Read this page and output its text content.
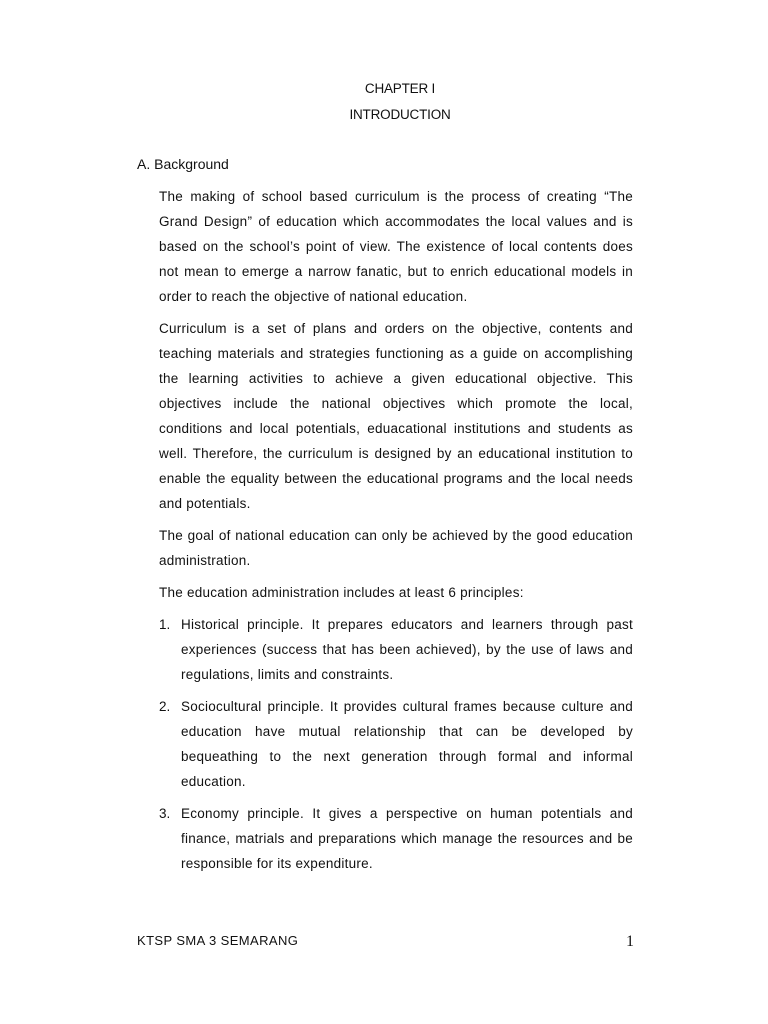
CHAPTER I
INTRODUCTION
A. Background

The making of school based curriculum is the process of creating “The Grand Design” of education which accommodates the local values and is based on the school’s point of view. The existence of local contents does not mean to emerge a narrow fanatic, but to enrich educational models in order to reach the objective of national education.

Curriculum is a set of plans and orders on the objective, contents and teaching materials and strategies functioning as a guide on accomplishing the learning activities to achieve a given educational objective. This objectives include the national objectives which promote the local, conditions and local potentials, eduacational institutions and students as well. Therefore, the curriculum is designed by an educational institution to enable the equality between the educational programs and the local needs and potentials.

The goal of national education can only be achieved by the good education administration.

The education administration includes at least 6 principles:

1. Historical principle. It prepares educators and learners through past experiences (success that has been achieved), by the use of laws and regulations, limits and constraints.
2. Sociocultural principle. It provides cultural frames because culture and education have mutual relationship that can be developed by bequeathing to the next generation through formal and informal education.
3. Economy principle. It gives a perspective on human potentials and finance, matrials and preparations which manage the resources and be responsible for its expenditure.
KTSP SMA 3 SEMARANG	1
